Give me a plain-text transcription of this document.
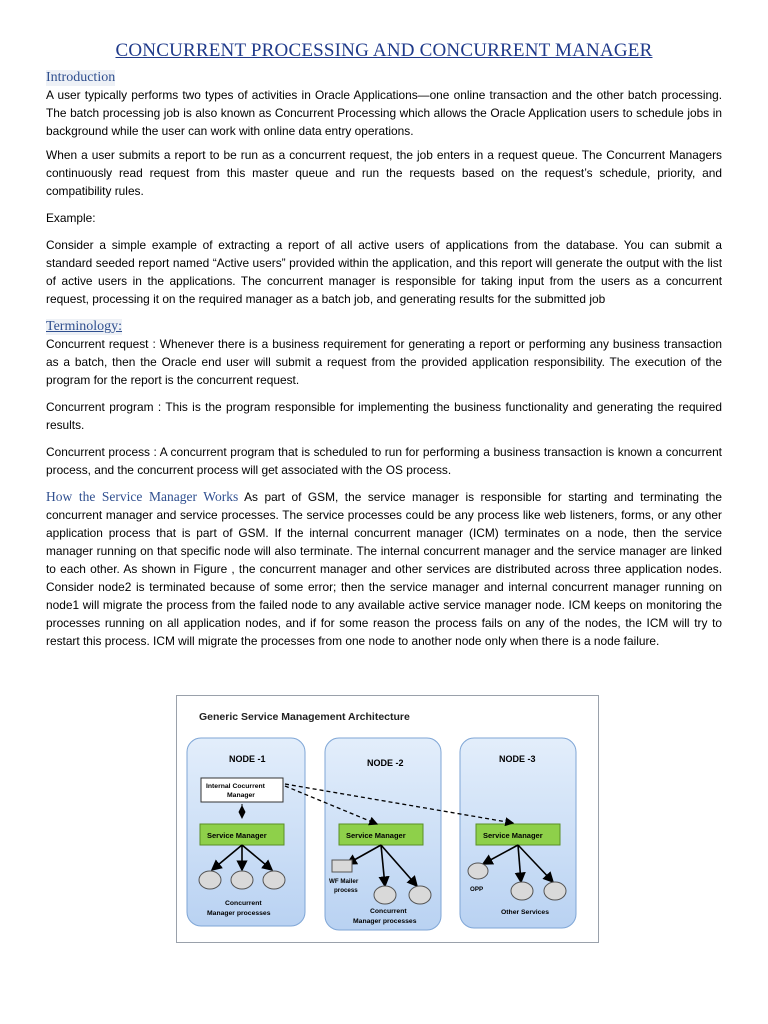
CONCURRENT PROCESSING AND CONCURRENT MANAGER
Introduction

A user typically performs two types of activities in Oracle Applications—one online transaction and the other batch processing. The batch processing job is also known as Concurrent Processing which allows the Oracle Application users to schedule jobs in background while the user can work with online data entry operations.

When a user submits a report to be run as a concurrent request, the job enters in a request queue. The Concurrent Managers continuously read request from this master queue and run the requests based on the request’s schedule, priority, and compatibility rules.

Example:

Consider a simple example of extracting a report of all active users of applications from the database. You can submit a standard seeded report named “Active users” provided within the application, and this report will generate the output with the list of active users in the applications. The concurrent manager is responsible for taking input from the users as a concurrent request, processing it on the required manager as a batch job, and generating results for the submitted job

Terminology:

Concurrent request : Whenever there is a business requirement for generating a report or performing any business transaction as a batch, then the Oracle end user will submit a request from the provided application responsibility. The execution of the program for the report is the concurrent request.

Concurrent program : This is the program responsible for implementing the business functionality and generating the required results.

Concurrent process : A concurrent program that is scheduled to run for performing a business transaction is known a concurrent process, and the concurrent process will get associated with the OS process.

How the Service Manager Works As part of GSM, the service manager is responsible for starting and terminating the concurrent manager and service processes. The service processes could be any process like web listeners, forms, or any other application process that is part of GSM. If the internal concurrent manager (ICM) terminates on a node, then the service manager running on that specific node will also terminate. The internal concurrent manager and the service manager are linked to each other. As shown in Figure , the concurrent manager and other services are distributed across three application nodes. Consider node2 is terminated because of some error; then the service manager and internal concurrent manager running on node1 will migrate the process from the failed node to any available active service manager node. ICM keeps on monitoring the processes running on all application nodes, and if for some reason the process fails on any of the nodes, the ICM will try to restart this process. ICM will migrate the processes from one node to another node only when there is a node failure.

Generic Service Management Architecture
NODE -1
Internal Cocurrent
Manager
Service Manager
Concurrent
Manager processes
NODE -2
Service Manager
WF Mailer
process
Concurrent
Manager processes
NODE -3
Service Manager
OPP
Other Services
